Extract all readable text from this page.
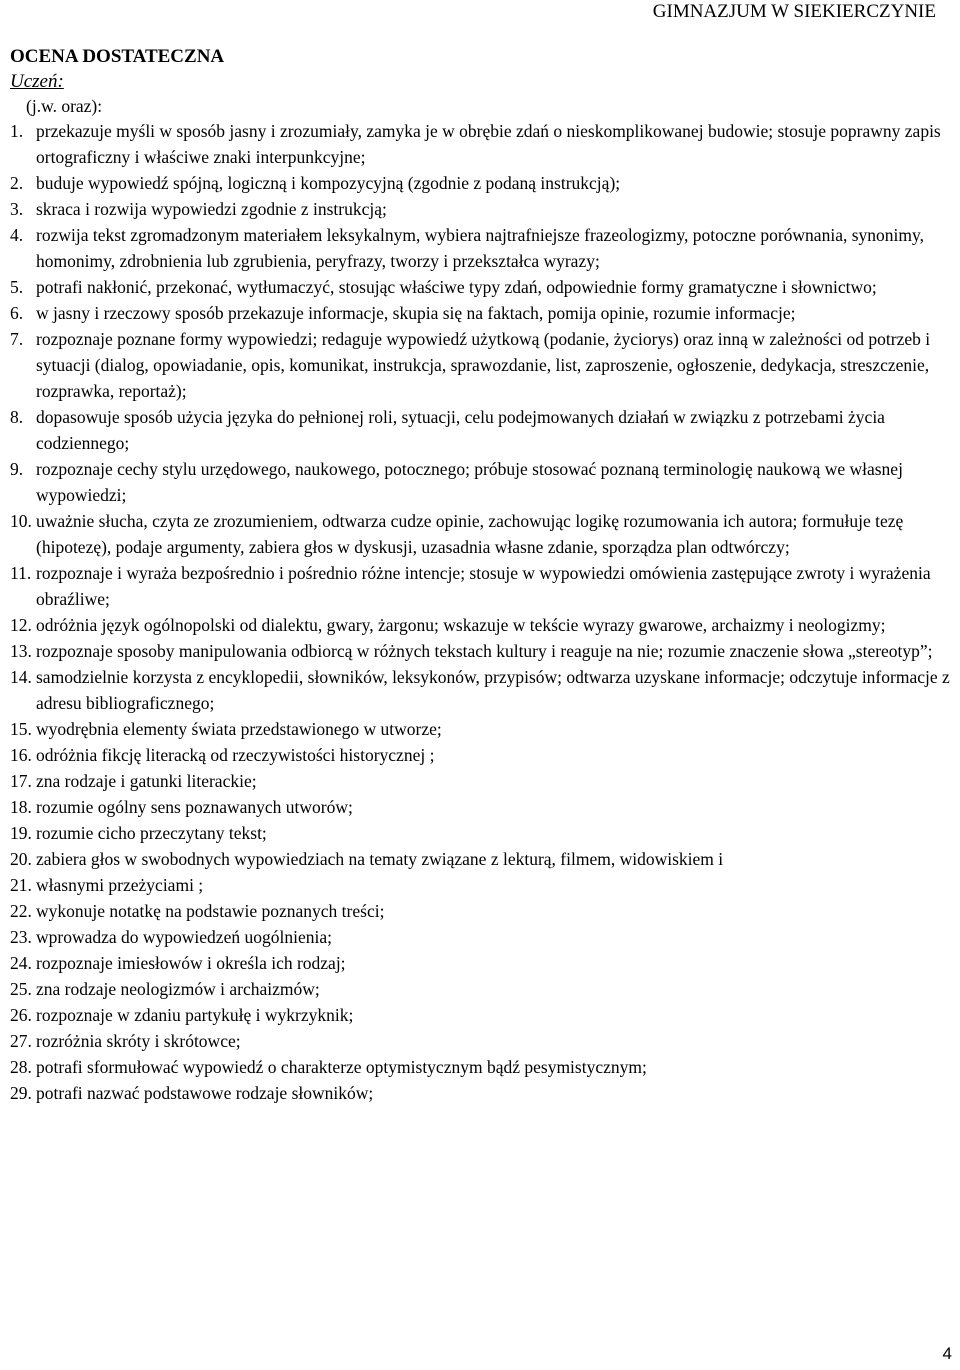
GIMNAZJUM W SIEKIERCZYNIE
OCENA DOSTATECZNA

Uczeń:

(j.w. oraz):

1. przekazuje myśli w sposób jasny i zrozumiały, zamyka je w obrębie zdań o nieskomplikowanej budowie; stosuje poprawny zapis ortograficzny i właściwe znaki interpunkcyjne;
2. buduje wypowiedź spójną, logiczną i kompozycyjną (zgodnie z podaną instrukcją);
3. skraca i rozwija wypowiedzi zgodnie z instrukcją;
4. rozwija tekst zgromadzonym materiałem leksykalnym, wybiera najtrafniejsze frazeologizmy, potoczne porównania, synonimy, homonimy, zdrobnienia lub zgrubienia, peryfrazy, tworzy i przekształca wyrazy;
5. potrafi nakłonić, przekonać, wytłumaczyć, stosując właściwe typy zdań, odpowiednie formy gramatyczne i słownictwo;
6. w jasny i rzeczowy sposób przekazuje informacje, skupia się na faktach, pomija opinie, rozumie informacje;
7. rozpoznaje poznane formy wypowiedzi; redaguje wypowiedź użytkową (podanie, życiorys) oraz inną w zależności od potrzeb i sytuacji (dialog, opowiadanie, opis, komunikat, instrukcja, sprawozdanie, list, zaproszenie, ogłoszenie, dedykacja, streszczenie, rozprawka, reportaż);
8. dopasowuje sposób użycia języka do pełnionej roli, sytuacji, celu podejmowanych działań w związku z potrzebami życia codziennego;
9. rozpoznaje cechy stylu urzędowego, naukowego, potocznego; próbuje stosować poznaną terminologię naukową we własnej wypowiedzi;
10. uważnie słucha, czyta ze zrozumieniem, odtwarza cudze opinie, zachowując logikę rozumowania ich autora; formułuje tezę (hipotezę), podaje argumenty, zabiera głos w dyskusji, uzasadnia własne zdanie, sporządza plan odtwórczy;
11. rozpoznaje i wyraża bezpośrednio i pośrednio różne intencje; stosuje w wypowiedzi omówienia zastępujące zwroty i wyrażenia obraźliwe;
12. odróżnia język ogólnopolski od dialektu, gwary, żargonu; wskazuje w tekście wyrazy gwarowe, archaizmy i neologizmy;
13. rozpoznaje sposoby manipulowania odbiorcą w różnych tekstach kultury i reaguje na nie; rozumie znaczenie słowa „stereotyp”;
14. samodzielnie korzysta z encyklopedii, słowników, leksykonów, przypisów; odtwarza uzyskane informacje; odczytuje informacje z adresu bibliograficznego;
15. wyodrębnia elementy świata przedstawionego w utworze;
16. odróżnia fikcję literacką od rzeczywistości historycznej ;
17. zna rodzaje i gatunki literackie;
18. rozumie ogólny sens poznawanych utworów;
19. rozumie cicho przeczytany tekst;
20. zabiera głos w swobodnych wypowiedziach na tematy związane z lekturą, filmem, widowiskiem i
21. własnymi przeżyciami ;
22. wykonuje notatkę na podstawie poznanych treści;
23. wprowadza do wypowiedzeń uogólnienia;
24. rozpoznaje imiesłowów i określa ich rodzaj;
25. zna rodzaje neologizmów i archaizmów;
26. rozpoznaje w zdaniu partykułę i wykrzyknik;
27. rozróżnia skróty i skrótowce;
28. potrafi sformułować wypowiedź o charakterze optymistycznym bądź pesymistycznym;
29. potrafi nazwać podstawowe rodzaje słowników;
4
